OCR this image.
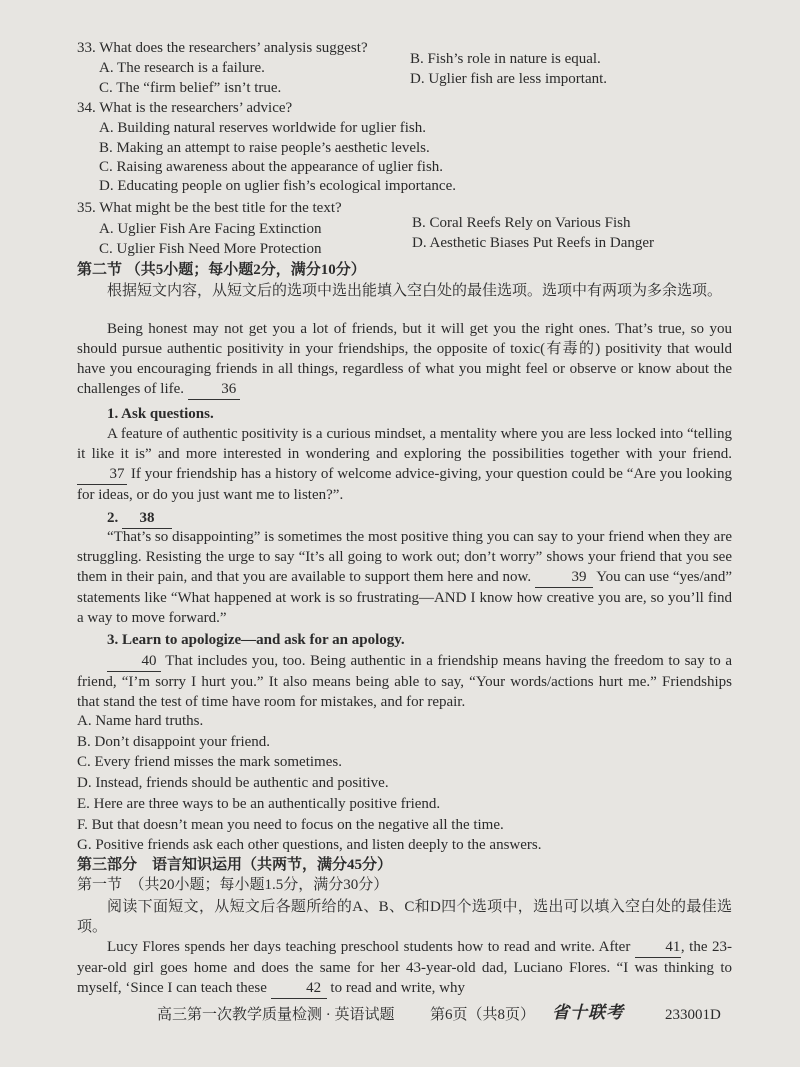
33. What does the researchers’ analysis suggest?
A. The research is a failure.
B. Fish’s role in nature is equal.
C. The “firm belief” isn’t true.
D. Uglier fish are less important.
34. What is the researchers’ advice?
A. Building natural reserves worldwide for uglier fish.
B. Making an attempt to raise people’s aesthetic levels.
C. Raising awareness about the appearance of uglier fish.
D. Educating people on uglier fish’s ecological importance.
35. What might be the best title for the text?
A. Uglier Fish Are Facing Extinction	B. Coral Reefs Rely on Various Fish
C. Uglier Fish Need More Protection	D. Aesthetic Biases Put Reefs in Danger
第二节 （共5小题；每小题2分，满分10分）
根据短文内容，从短文后的选项中选出能填入空白处的最佳选项。选项中有两项为多余选项。
Being honest may not get you a lot of friends, but it will get you the right ones. That’s true, so you should pursue authentic positivity in your friendships, the opposite of toxic(有毒的) positivity that would have you encouraging friends in all things, regardless of what you might feel or observe or know about the challenges of life. 36
1. Ask questions.
A feature of authentic positivity is a curious mindset, a mentality where you are less locked into “telling it like it is” and more interested in wondering and exploring the possibilities together with your friend. 37 If your friendship has a history of welcome advice-giving, your question could be “Are you looking for ideas, or do you just want me to listen?”.
2. 38
“That’s so disappointing” is sometimes the most positive thing you can say to your friend when they are struggling. Resisting the urge to say “It’s all going to work out; don’t worry” shows your friend that you see them in their pain, and that you are available to support them here and now.	39 You can use “yes/and” statements like “What happened at work is so frustrating—AND I know how creative you are, so you’ll find a way to move forward.”
3. Learn to apologize—and ask for an apology.
40 That includes you, too. Being authentic in a friendship means having the freedom to say to a friend, “I’m sorry I hurt you.” It also means being able to say, “Your words/actions hurt me.” Friendships that stand the test of time have room for mistakes, and for repair.
A. Name hard truths.
B. Don’t disappoint your friend.
C. Every friend misses the mark sometimes.
D. Instead, friends should be authentic and positive.
E. Here are three ways to be an authentically positive friend.
F. But that doesn’t mean you need to focus on the negative all the time.
G. Positive friends ask each other questions, and listen deeply to the answers.
第三部分　语言知识运用（共两节，满分45分）
第一节　（共20小题；每小题1.5分，满分30分）
阅读下面短文，从短文后各题所给的A、B、C和D四个选项中，选出可以填入空白处的最佳选项。
Lucy Flores spends her days teaching preschool students how to read and write. After 41, the 23-year-old girl goes home and does the same for her 43-year-old dad, Luciano Flores. “I was thinking to myself, ‘Since I can teach these	42 to read and write, why
高三第一次教学质量检测 · 英语试题 第6页（共8页） 省十联考	233001D
